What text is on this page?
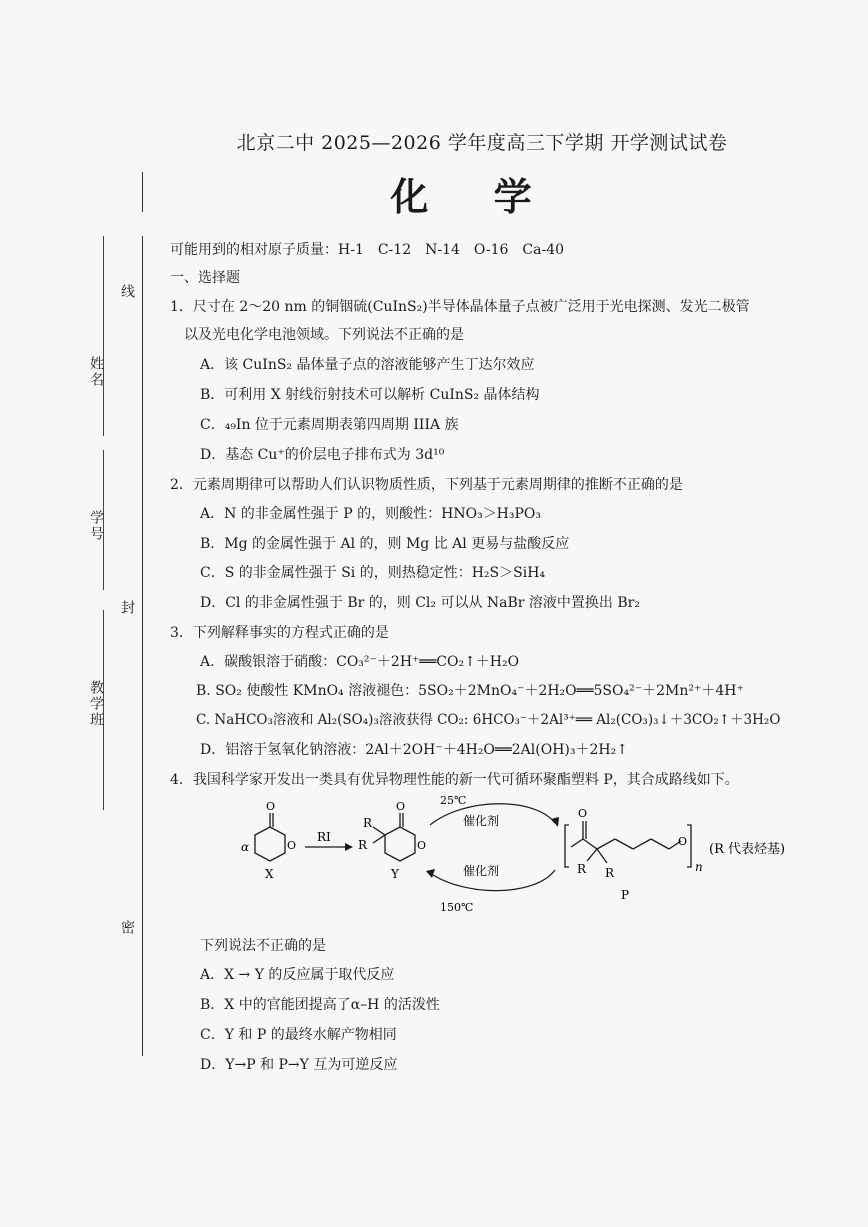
北京二中 2025—2026 学年度高三下学期 开学测试试卷
化 学
线
姓名
学号
封
教学班
密
可能用到的相对原子质量：H-1　C-12　N-14　O-16　Ca-40
一、选择题
1．尺寸在 2～20 nm 的铜铟硫(CuInS₂)半导体晶体量子点被广泛用于光电探测、发光二极管
以及光电化学电池领域。下列说法不正确的是
A．该 CuInS₂ 晶体量子点的溶液能够产生丁达尔效应
B．可利用 X 射线衍射技术可以解析 CuInS₂ 晶体结构
C．₄₉In 位于元素周期表第四周期 IIIA 族
D．基态 Cu⁺的价层电子排布式为 3d¹⁰
2．元素周期律可以帮助人们认识物质性质，下列基于元素周期律的推断不正确的是
A．N 的非金属性强于 P 的，则酸性：HNO₃＞H₃PO₃
B．Mg 的金属性强于 Al 的，则 Mg 比 Al 更易与盐酸反应
C．S 的非金属性强于 Si 的，则热稳定性：H₂S＞SiH₄
D．Cl 的非金属性强于 Br 的，则 Cl₂ 可以从 NaBr 溶液中置换出 Br₂
3．下列解释事实的方程式正确的是
A．碳酸银溶于硝酸：CO₃²⁻＋2H⁺══CO₂↑＋H₂O
B. SO₂ 使酸性 KMnO₄ 溶液褪色：5SO₂＋2MnO₄⁻＋2H₂O══5SO₄²⁻＋2Mn²⁺＋4H⁺
C. NaHCO₃溶液和 Al₂(SO₄)₃溶液获得 CO₂: 6HCO₃⁻＋2Al³⁺══ Al₂(CO₃)₃↓＋3CO₂↑＋3H₂O
D．铝溶于氢氧化钠溶液：2Al＋2OH⁻＋4H₂O══2Al(OH)₃＋2H₂↑
4．我国科学家开发出一类具有优异物理性能的新一代可循环聚酯塑料 P，其合成路线如下。
下列说法不正确的是
A．X → Y 的反应属于取代反应
B．X 中的官能团提高了α–H 的活泼性
C．Y 和 P 的最终水解产物相同
D．Y→P 和 P→Y 互为可逆反应
O
O
α
X
RI
O
O
R
R
Y
25℃
催化剂
催化剂
150℃
O
O
R R	n
P
(R 代表烃基)
